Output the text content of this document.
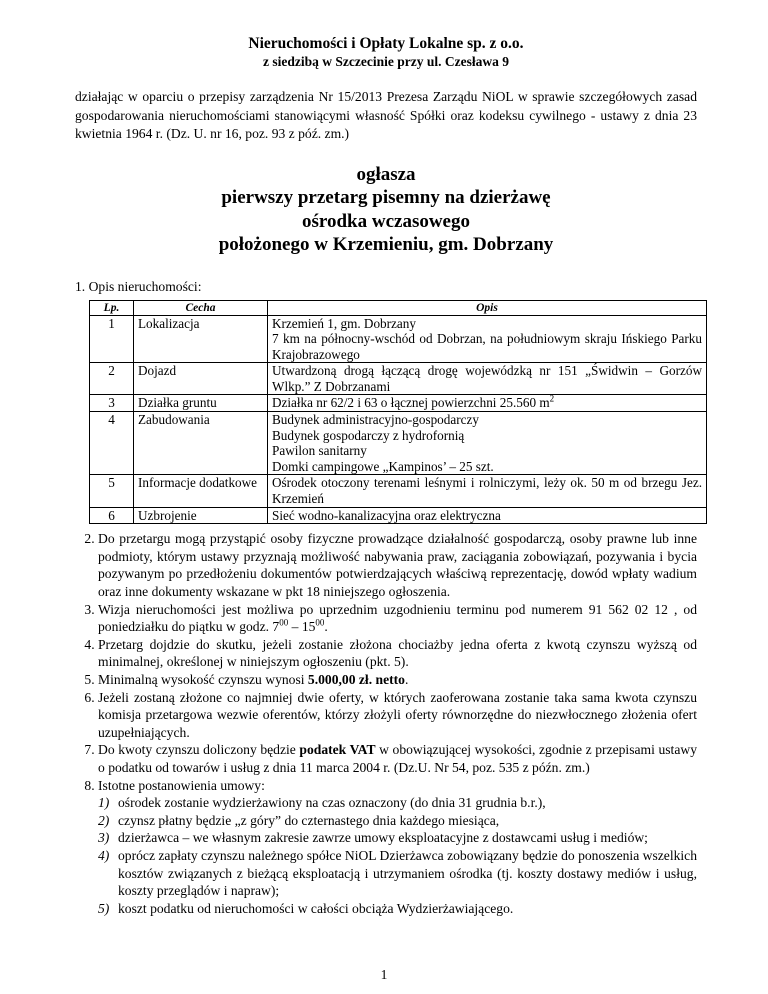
Nieruchomości i Opłaty Lokalne sp. z o.o.

z siedzibą w Szczecinie przy ul. Czesława 9

działając w oparciu o przepisy zarządzenia Nr 15/2013 Prezesa Zarządu NiOL w sprawie szczegółowych zasad gospodarowania nieruchomościami stanowiącymi własność Spółki oraz kodeksu cywilnego - ustawy z dnia 23 kwietnia 1964 r. (Dz. U. nr 16, poz. 93 z póź. zm.)

ogłasza

pierwszy przetarg pisemny na dzierżawę

ośrodka wczasowego

położonego w Krzemieniu, gm. Dobrzany

1. Opis nieruchomości:

Lp.	Cecha	Opis
1	Lokalizacja	Krzemień 1, gm. Dobrzany
7 km na północny-wschód od Dobrzan, na południowym skraju Ińskiego Parku Krajobrazowego

2	Dojazd	Utwardzoną drogą łączącą drogę wojewódzką nr 151 „Świdwin – Gorzów Wlkp.” Z Dobrzanami

3	Działka gruntu	Działka nr 62/2 i 63 o łącznej powierzchni 25.560 $m^2$
4	Zabudowania	Budynek administracyjno-gospodarczy
Budynek gospodarczy z hydrofornią
Pawilon sanitarny
Domki campingowe „Kampinos’ – 25 szt.

5	Informacje dodatkowe	Ośrodek otoczony terenami leśnymi i rolniczymi, leży ok. 50 m od brzegu Jez. Krzemień

6	Uzbrojenie	Sieć wodno-kanalizacyjna oraz elektryczna
2. Do przetargu mogą przystąpić osoby fizyczne prowadzące działalność gospodarczą, osoby prawne lub inne podmioty, którym ustawy przyznają możliwość nabywania praw, zaciągania zobowiązań, pozywania i bycia pozywanym po przedłożeniu dokumentów potwierdzających właściwą reprezentację, dowód wpłaty wadium oraz inne dokumenty wskazane w pkt 18 niniejszego ogłoszenia.
3. Wizja nieruchomości jest możliwa po uprzednim uzgodnieniu terminu pod numerem 91 562 02 12 , od poniedziałku do piątku w godz. $7^{00} - 15^{00}$.
4. Przetarg dojdzie do skutku, jeżeli zostanie złożona chociażby jedna oferta z kwotą czynszu wyższą od minimalnej, określonej w niniejszym ogłoszeniu (pkt. 5).
5. Minimalną wysokość czynszu wynosi 5.000,00 zł. netto.
6. Jeżeli zostaną złożone co najmniej dwie oferty, w których zaoferowana zostanie taka sama kwota czynszu komisja przetargowa wezwie oferentów, którzy złożyli oferty równorzędne do niezwłocznego złożenia ofert uzupełniających.
7. Do kwoty czynszu doliczony będzie podatek VAT w obowiązującej wysokości, zgodnie z przepisami ustawy o podatku od towarów i usług z dnia 11 marca 2004 r. (Dz.U. Nr 54, poz. 535 z późn. zm.)
8. Istotne postanowienia umowy:
1) ośrodek zostanie wydzierżawiony na czas oznaczony (do dnia 31 grudnia b.r.),
2) czynsz płatny będzie „z góry” do czternastego dnia każdego miesiąca,
3) dzierżawca – we własnym zakresie zawrze umowy eksploatacyjne z dostawcami usług i mediów;
4) oprócz zapłaty czynszu należnego spółce NiOL Dzierżawca zobowiązany będzie do ponoszenia wszelkich kosztów związanych z bieżącą eksploatacją i utrzymaniem ośrodka (tj. koszty dostawy mediów i usług, koszty przeglądów i napraw);
5) koszt podatku od nieruchomości w całości obciąża Wydzierżawiającego.
1
